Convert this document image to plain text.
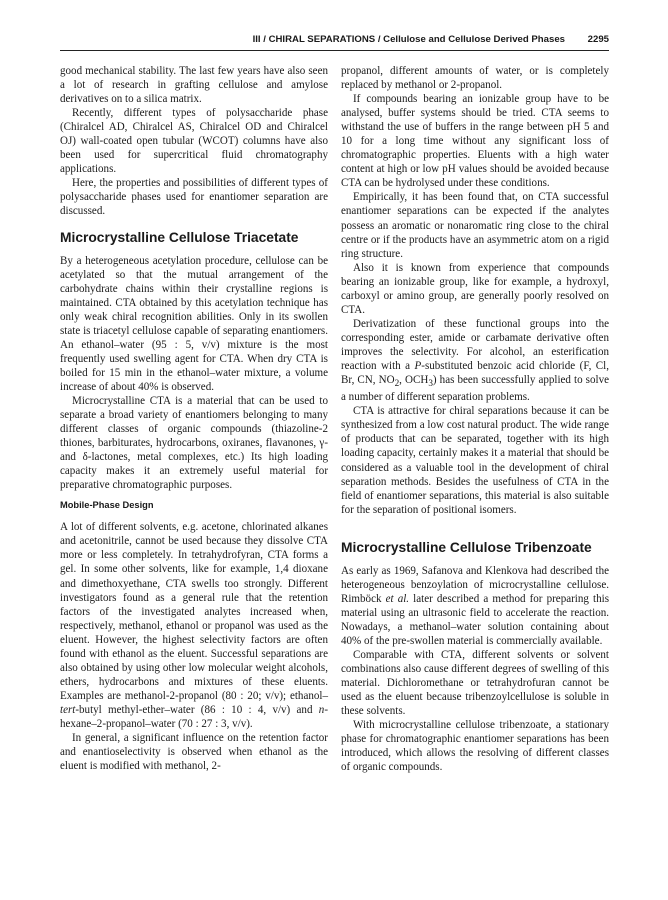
III / CHIRAL SEPARATIONS / Cellulose and Cellulose Derived Phases 2295

good mechanical stability. The last few years have also seen a lot of research in grafting cellulose and amylose derivatives on to a silica matrix.

Recently, different types of polysaccharide phase (Chiralcel AD, Chiralcel AS, Chiralcel OD and Chiralcel OJ) wall-coated open tubular (WCOT) columns have also been used for supercritical fluid chromatography applications.

Here, the properties and possibilities of different types of polysaccharide phases used for enantiomer separation are discussed.

Microcrystalline Cellulose Triacetate

By a heterogeneous acetylation procedure, cellulose can be acetylated so that the mutual arrangement of the carbohydrate chains within their crystalline regions is maintained. CTA obtained by this acetylation technique has only weak chiral recognition abilities. Only in its swollen state is triacetyl cellulose capable of separating enantiomers. An ethanol–water (95 : 5, v/v) mixture is the most frequently used swelling agent for CTA. When dry CTA is boiled for 15 min in the ethanol–water mixture, a volume increase of about 40% is observed.

Microcrystalline CTA is a material that can be used to separate a broad variety of enantiomers belonging to many different classes of organic compounds (thiazoline-2 thiones, barbiturates, hydrocarbons, oxiranes, flavanones, γ- and δ-lactones, metal complexes, etc.) Its high loading capacity makes it an extremely useful material for preparative chromatographic purposes.

Mobile-Phase Design

A lot of different solvents, e.g. acetone, chlorinated alkanes and acetonitrile, cannot be used because they dissolve CTA more or less completely. In tetrahydrofyran, CTA forms a gel. In some other solvents, like for example, 1,4 dioxane and dimethoxyethane, CTA swells too strongly. Different investigators found as a general rule that the retention factors of the investigated analytes increased when, respectively, methanol, ethanol or propanol was used as the eluent. However, the highest selectivity factors are often found with ethanol as the eluent. Successful separations are also obtained by using other low molecular weight alcohols, ethers, hydrocarbons and mixtures of these eluents. Examples are methanol-2-propanol (80 : 20; v/v); ethanol–tert-butyl methyl-ether–water (86 : 10 : 4, v/v) and n-hexane–2-propanol–water (70 : 27 : 3, v/v).

In general, a significant influence on the retention factor and enantioselectivity is observed when ethanol as the eluent is modified with methanol, 2-

propanol, different amounts of water, or is completely replaced by methanol or 2-propanol.

If compounds bearing an ionizable group have to be analysed, buffer systems should be tried. CTA seems to withstand the use of buffers in the range between pH 5 and 10 for a long time without any significant loss of chromatographic properties. Eluents with a high water content at high or low pH values should be avoided because CTA can be hydrolysed under these conditions.

Empirically, it has been found that, on CTA successful enantiomer separations can be expected if the analytes possess an aromatic or nonaromatic ring close to the chiral centre or if the products have an asymmetric atom on a rigid ring structure.

Also it is known from experience that compounds bearing an ionizable group, like for example, a hydroxyl, carboxyl or amino group, are generally poorly resolved on CTA.

Derivatization of these functional groups into the corresponding ester, amide or carbamate derivative often improves the selectivity. For alcohol, an esterification reaction with a P-substituted benzoic acid chloride (F, Cl, Br, CN, $NO_2$, $OCH_3$) has been successfully applied to solve a number of different separation problems.

CTA is attractive for chiral separations because it can be synthesized from a low cost natural product. The wide range of products that can be separated, together with its high loading capacity, certainly makes it a material that should be considered as a valuable tool in the development of chiral separation methods. Besides the usefulness of CTA in the field of enantiomer separations, this material is also suitable for the separation of positional isomers.

Microcrystalline Cellulose Tribenzoate

As early as 1969, Safanova and Klenkova had described the heterogeneous benzoylation of microcrystalline cellulose. Rimböck et al. later described a method for preparing this material using an ultrasonic field to accelerate the reaction. Nowadays, a methanol–water solution containing about 40% of the pre-swollen material is commercially available.

Comparable with CTA, different solvents or solvent combinations also cause different degrees of swelling of this material. Dichloromethane or tetrahydrofuran cannot be used as the eluent because tribenzoylcellulose is soluble in these solvents.

With microcrystalline cellulose tribenzoate, a stationary phase for chromatographic enantiomer separations has been introduced, which allows the resolving of different classes of organic compounds.
